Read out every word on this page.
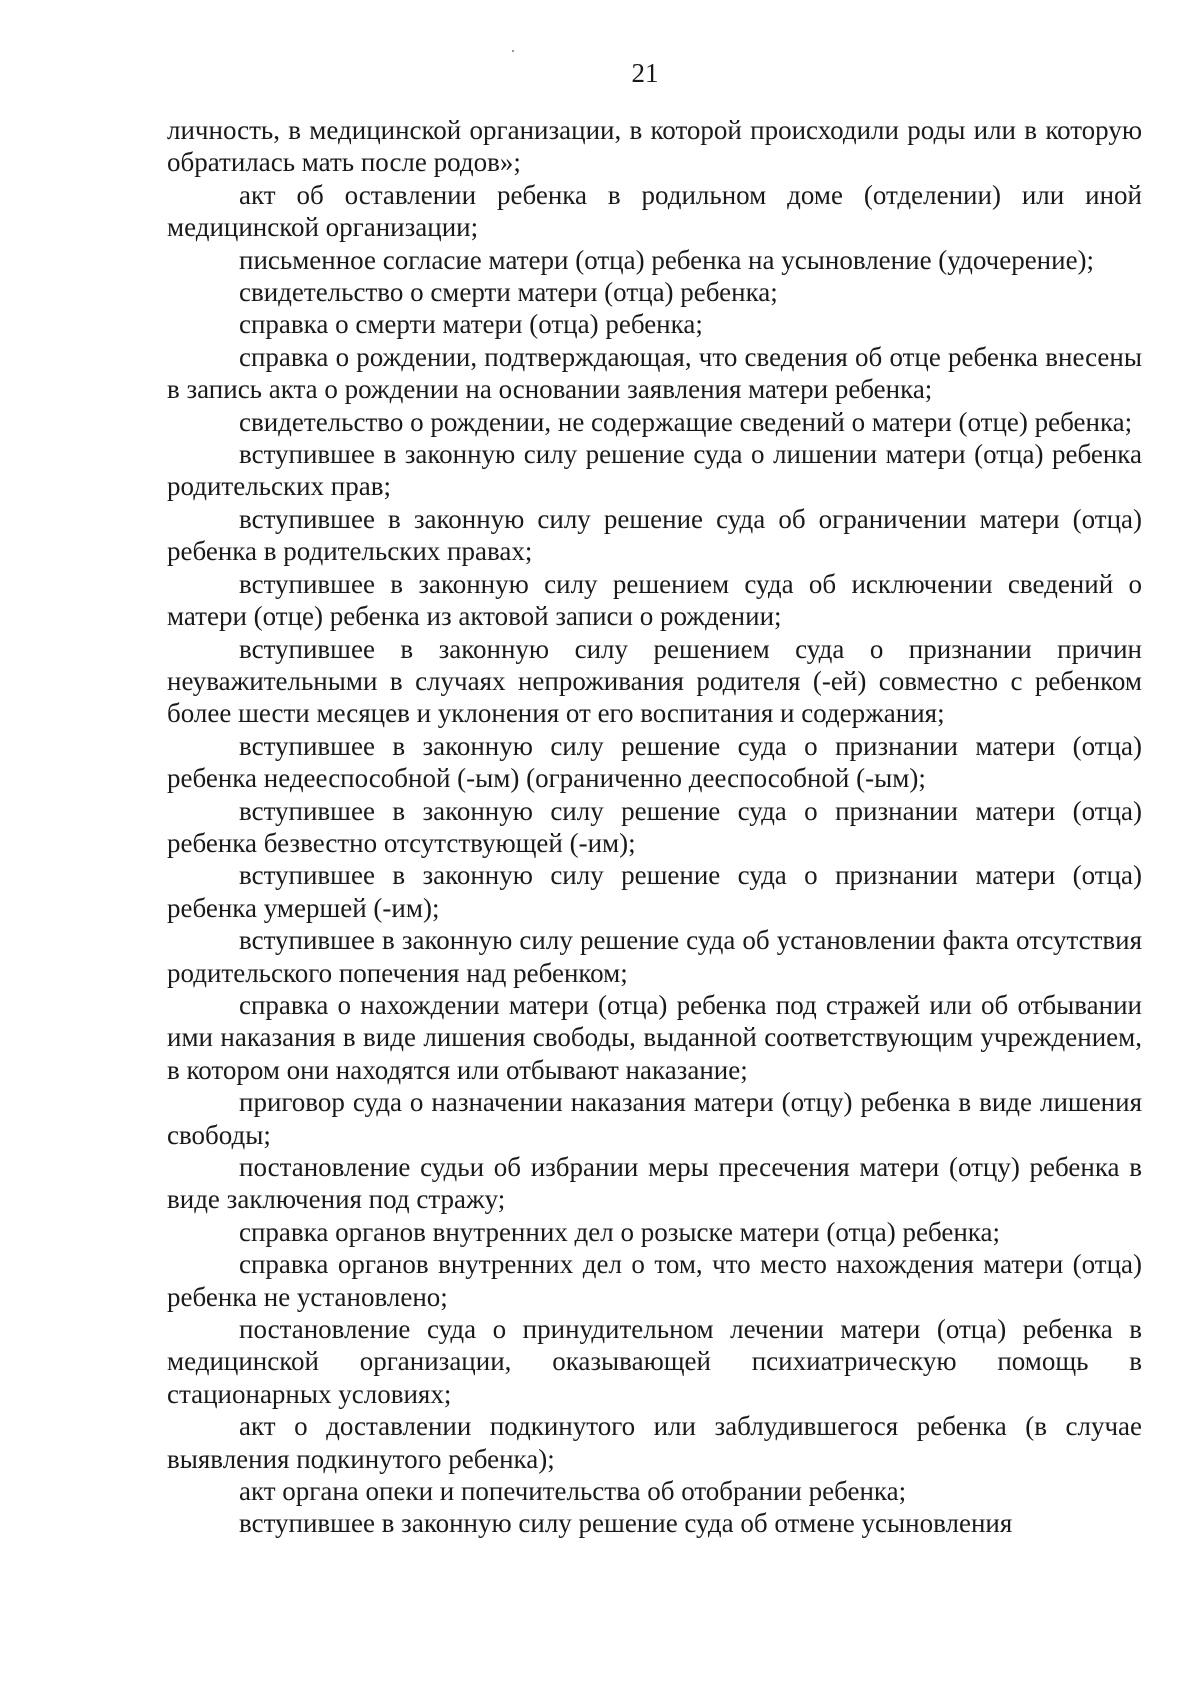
21

личность, в медицинской организации, в которой происходили роды или в которую обратилась мать после родов»;

акт об оставлении ребенка в родильном доме (отделении) или иной медицинской организации;

письменное согласие матери (отца) ребенка на усыновление (удочерение);

свидетельство о смерти матери (отца) ребенка;

справка о смерти матери (отца) ребенка;

справка о рождении, подтверждающая, что сведения об отце ребенка внесены в запись акта о рождении на основании заявления матери ребенка;

свидетельство о рождении, не содержащие сведений о матери (отце) ребенка;

вступившее в законную силу решение суда о лишении матери (отца) ребенка родительских прав;

вступившее в законную силу решение суда об ограничении матери (отца) ребенка в родительских правах;

вступившее в законную силу решением суда об исключении сведений о матери (отце) ребенка из актовой записи о рождении;

вступившее в законную силу решением суда о признании причин неуважительными в случаях непроживания родителя (-ей) совместно с ребенком более шести месяцев и уклонения от его воспитания и содержания;

вступившее в законную силу решение суда о признании матери (отца) ребенка недееспособной (-ым) (ограниченно дееспособной (-ым);

вступившее в законную силу решение суда о признании матери (отца) ребенка безвестно отсутствующей (-им);

вступившее в законную силу решение суда о признании матери (отца) ребенка умершей (-им);

вступившее в законную силу решение суда об установлении факта отсутствия родительского попечения над ребенком;

справка о нахождении матери (отца) ребенка под стражей или об отбывании ими наказания в виде лишения свободы, выданной соответствующим учреждением, в котором они находятся или отбывают наказание;

приговор суда о назначении наказания матери (отцу) ребенка в виде лишения свободы;

постановление судьи об избрании меры пресечения матери (отцу) ребенка в виде заключения под стражу;

справка органов внутренних дел о розыске матери (отца) ребенка;

справка органов внутренних дел о том, что место нахождения матери (отца) ребенка не установлено;

постановление суда о принудительном лечении матери (отца) ребенка в медицинской организации, оказывающей психиатрическую помощь в стационарных условиях;

акт о доставлении подкинутого или заблудившегося ребенка (в случае выявления подкинутого ребенка);

акт органа опеки и попечительства об отобрании ребенка;

вступившее в законную силу решение суда об отмене усыновления
